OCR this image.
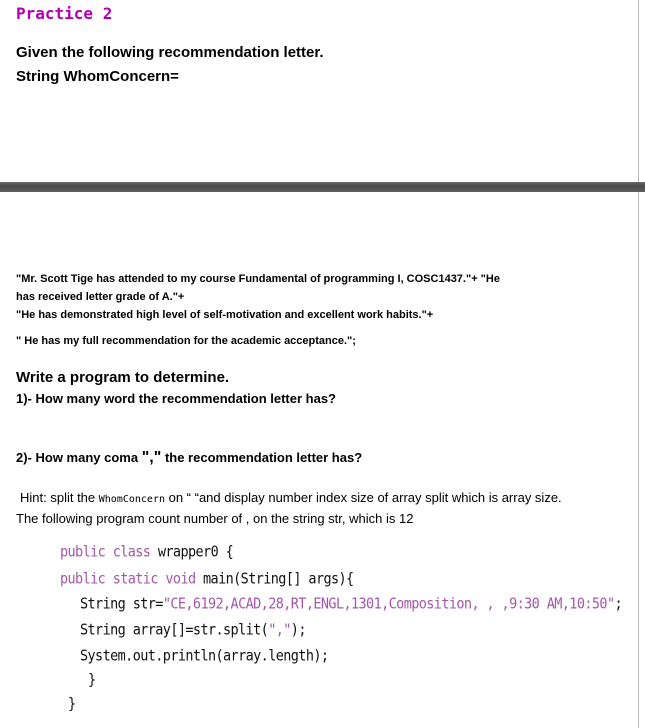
Practice 2
Given the following recommendation letter.
String WhomConcern=
"Mr. Scott Tige has attended to my course Fundamental of programming I, COSC1437."+ "He
has received letter grade of A."+
"He has demonstrated high level of self-motivation and excellent work habits."+
" He has my full recommendation for the academic acceptance.";
Write a program to determine.
1)- How many word the recommendation letter has?
2)- How many coma "," the recommendation letter has?
Hint: split the WhomConcern on “ “and display number index size of array split which is array size.
The following program count number of , on the string str, which is 12
public class wrapper0 {
public static void main(String[] args){
String str="CE,6192,ACAD,28,RT,ENGL,1301,Composition, , ,9:30 AM,10:50";
String array[]=str.split(",");
System.out.println(array.length);
}
}
